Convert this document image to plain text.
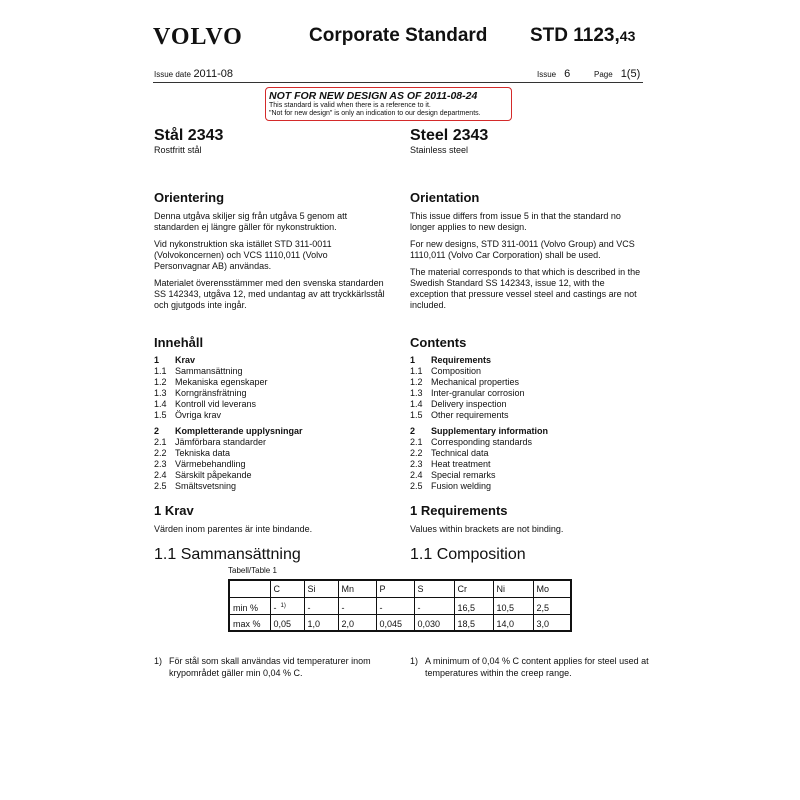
VOLVO	Corporate Standard STD 1123,43
Issue date 2011-08	Issue 6	Page 1(5)
NOT FOR NEW DESIGN AS OF 2011-08-24
This standard is valid when there is a reference to it.
"Not for new design" is only an indication to our design departments.
Stål 2343
Rostfritt stål
Steel 2343
Stainless steel
Orientering
Denna utgåva skiljer sig från utgåva 5 genom att standarden ej längre gäller för nykonstruktion.
Vid nykonstruktion ska istället STD 311-0011 (Volvokoncernen) och VCS 1110,011 (Volvo Personvagnar AB) användas.
Materialet överensstämmer med den svenska standarden SS 142343, utgåva 12, med undantag av att tryckkärlsstål och gjutgods inte ingår.
Orientation
This issue differs from issue 5 in that the standard no longer applies to new design.
For new designs, STD 311-0011 (Volvo Group) and VCS 1110,011 (Volvo Car Corporation) shall be used.
The material corresponds to that which is described in the Swedish Standard SS 142343, issue 12, with the exception that pressure vessel steel and castings are not included.
Innehåll
1	Krav
1.1 Sammansättning
1.2 Mekaniska egenskaper
1.3 Korngränsfrätning
1.4 Kontroll vid leverans
1.5 Övriga krav
2	Kompletterande upplysningar
2.1 Jämförbara standarder
2.2 Tekniska data
2.3 Värmebehandling
2.4 Särskilt påpekande
2.5 Smältsvetsning
Contents
1	Requirements
1.1 Composition
1.2 Mechanical properties
1.3 Inter-granular corrosion
1.4 Delivery inspection
1.5 Other requirements
2	Supplementary information
2.1 Corresponding standards
2.2 Technical data
2.3 Heat treatment
2.4 Special remarks
2.5 Fusion welding
1 Krav
Värden inom parentes är inte bindande.
1 Requirements
Values within brackets are not binding.
1.1 Sammansättning	1.1 Composition
Tabell/Table 1
	C	Si	Mn	P	S	Cr	Ni	Mo
min %	- $^{1)}$	-	-	-	-	16,5	10,5	2,5
max %	0,05	1,0	2,0	0,045	0,030	18,5	14,0	3,0
1) För stål som skall användas vid temperaturer inom krypområdet gäller min 0,04 % C.
1) A minimum of 0,04 % C content applies for steel used at temperatures within the creep range.
